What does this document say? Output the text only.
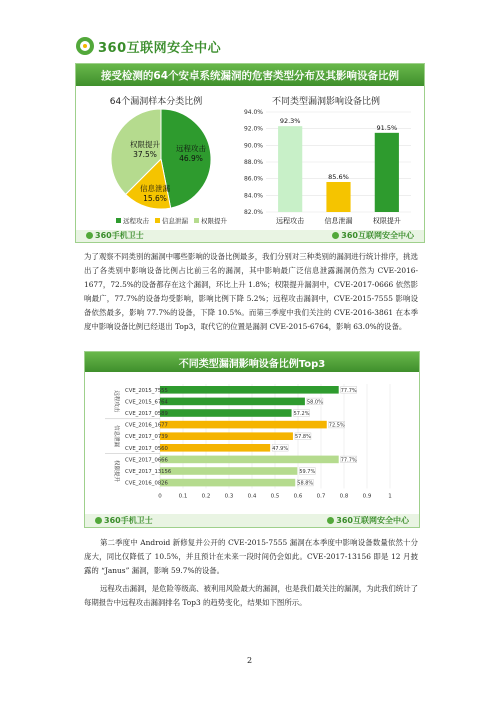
360互联网安全中心
接受检测的64个安卓系统漏洞的危害类型分布及其影响设备比例
64个漏洞样本分类比例
远程攻击
46.9%
权限提升
37.5%
信息泄漏
15.6%
远程攻击 信息泄漏 权限提升
不同类型漏洞影响设备比例
94.0%
92.0%
90.0%
88.0%
86.0%
84.0%
82.0%
92.3%
远程攻击
85.6%
信息泄漏
91.5%
权限提升
360手机卫士	360互联网安全中心
为了观察不同类别的漏洞中哪些影响的设备比例最多，我们分别对三种类别的漏洞进行统计排序，挑选出了各类别中影响设备比例占比前三名的漏洞，其中影响最广泛信息泄露漏洞仍然为 CVE-2016-1677，72.5%的设备都存在这个漏洞，环比上升 1.8%；权限提升漏洞中，CVE-2017-0666 依然影响最广，77.7%的设备均受影响，影响比例下降 5.2%；远程攻击漏洞中，CVE-2015-7555 影响设备依然最多，影响 77.7%的设备，下降 10.5%。而第三季度中我们关注的 CVE-2016-3861 在本季度中影响设备比例已经退出 Top3，取代它的位置是漏洞 CVE-2015-6764，影响 63.0%的设备。
不同类型漏洞影响设备比例Top3
0	0.1	0.2	0.3	0.4	0.5	0.6	0.7	0.8	0.9	1
远程攻击
信息泄漏
权限提升
CVE_2015_7555	77.7%
CVE_2015_6764	58.0%
CVE_2017_0589	57.2%
CVE_2016_1677	72.5%
CVE_2017_0739	57.8%
CVE_2017_0560	47.9%
CVE_2017_0666	77.7%
CVE_2017_13156	59.7%
CVE_2016_0826	58.8%
360手机卫士	360互联网安全中心
第二季度中 Android 新修复并公开的 CVE-2015-7555 漏洞在本季度中影响设备数量依然十分庞大，同比仅降低了 10.5%，并且预计在未来一段时间仍会如此。CVE-2017-13156 即是 12 月披露的 “Janus” 漏洞，影响 59.7%的设备。
远程攻击漏洞，是危险等级高、被利用风险最大的漏洞，也是我们最关注的漏洞，为此我们统计了每期报告中远程攻击漏洞排名 Top3 的趋势变化，结果如下图所示。
2
